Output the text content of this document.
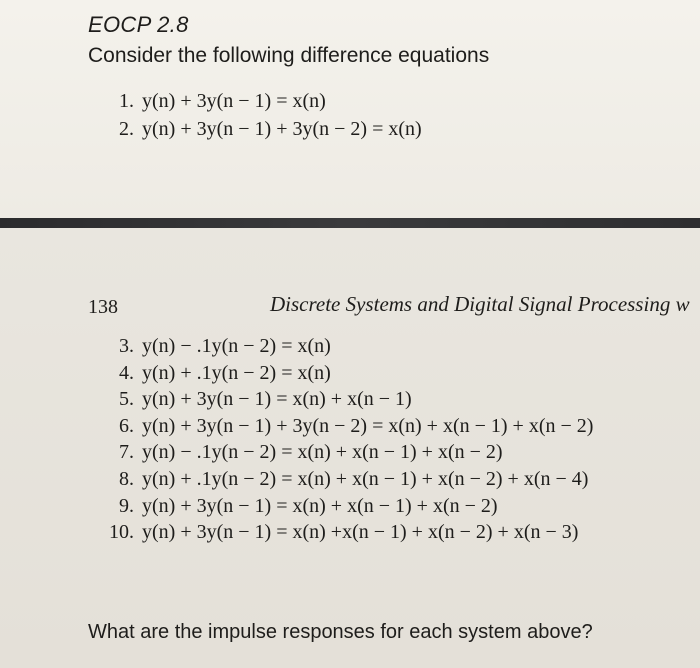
EOCP 2.8
Consider the following difference equations
1. y(n) + 3y(n − 1) = x(n)
2. y(n) + 3y(n − 1) + 3y(n − 2) = x(n)
138	Discrete Systems and Digital Signal Processing w
3. y(n) − .1y(n − 2) = x(n)
4. y(n) + .1y(n − 2) = x(n)
5. y(n) + 3y(n − 1) = x(n) + x(n − 1)
6. y(n) + 3y(n − 1) + 3y(n − 2) = x(n) + x(n − 1) + x(n − 2)
7. y(n) − .1y(n − 2) = x(n) + x(n − 1) + x(n − 2)
8. y(n) + .1y(n − 2) = x(n) + x(n − 1) + x(n − 2) + x(n − 4)
9. y(n) + 3y(n − 1) = x(n) + x(n − 1) + x(n − 2)
10. y(n) + 3y(n − 1) = x(n) +x(n − 1) + x(n − 2) + x(n − 3)
What are the impulse responses for each system above?
